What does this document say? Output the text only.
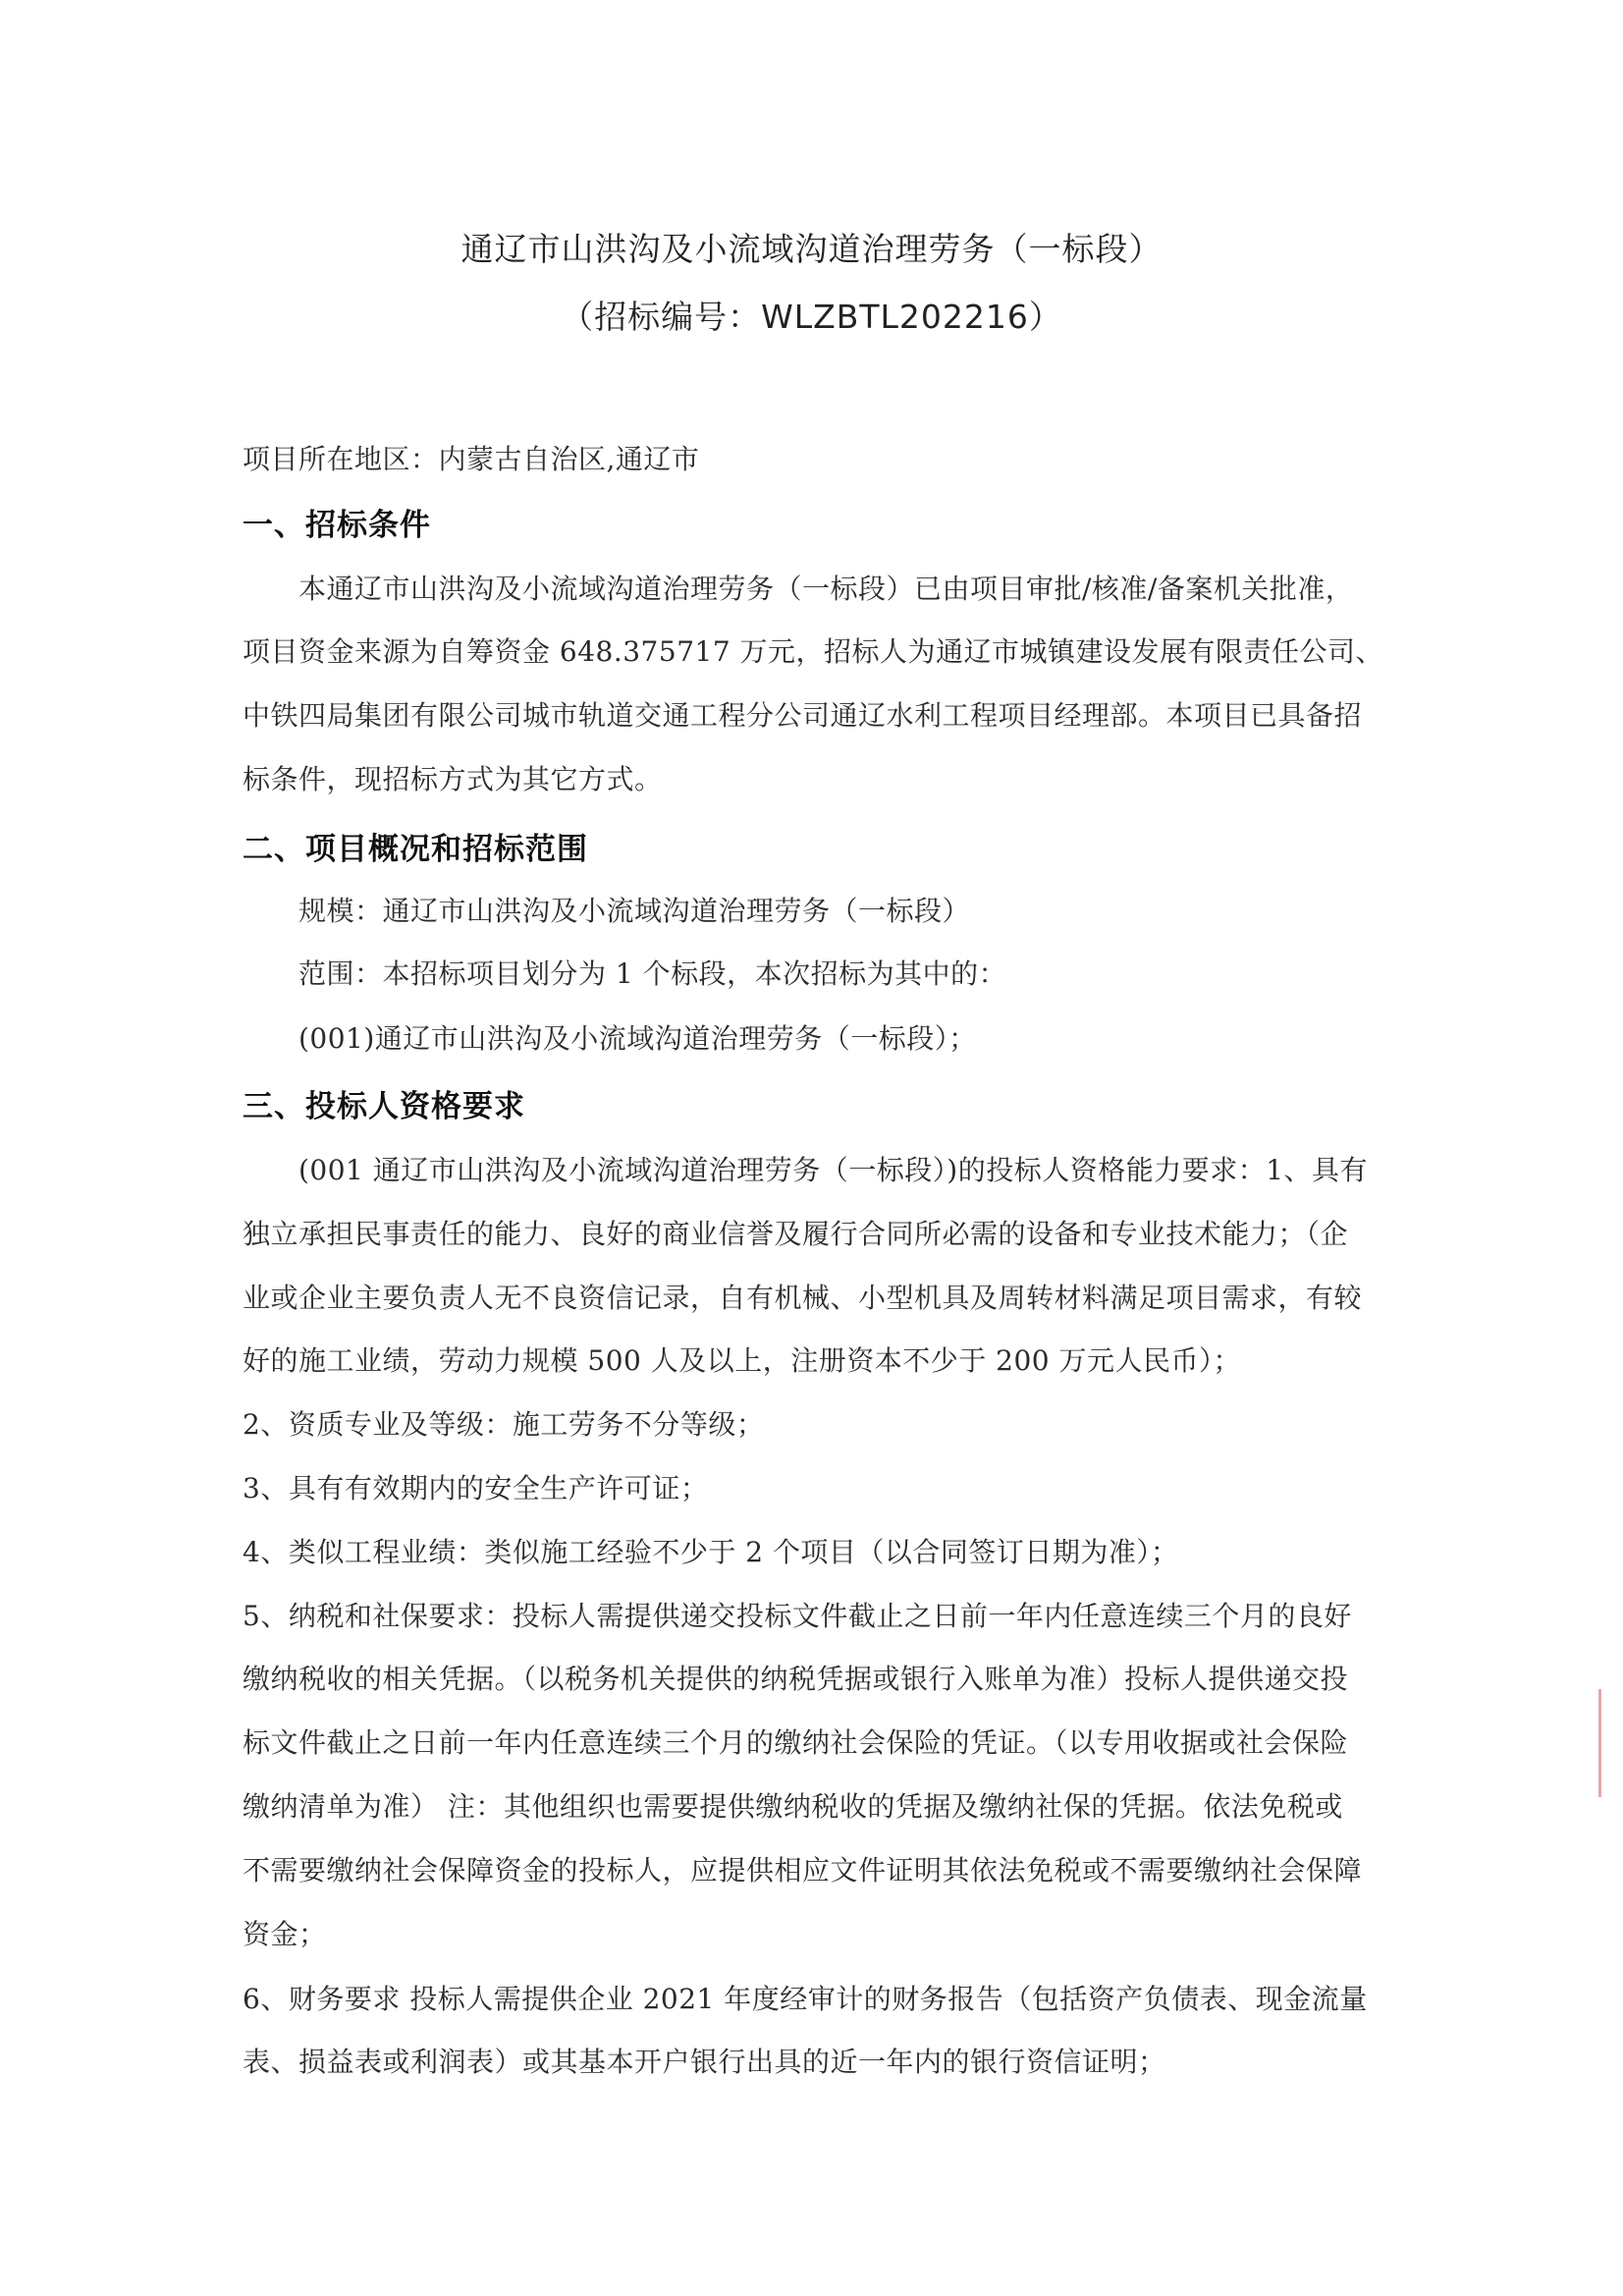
通辽市山洪沟及小流域沟道治理劳务（一标段）
（招标编号：WLZBTL202216）
项目所在地区：内蒙古自治区,通辽市
一、招标条件
本通辽市山洪沟及小流域沟道治理劳务（一标段）已由项目审批/核准/备案机关批准，
项目资金来源为自筹资金 648.375717 万元，招标人为通辽市城镇建设发展有限责任公司、
中铁四局集团有限公司城市轨道交通工程分公司通辽水利工程项目经理部。本项目已具备招
标条件，现招标方式为其它方式。
二、项目概况和招标范围
规模：通辽市山洪沟及小流域沟道治理劳务（一标段）
范围：本招标项目划分为 1 个标段，本次招标为其中的：
(001)通辽市山洪沟及小流域沟道治理劳务（一标段）；
三、投标人资格要求
(001 通辽市山洪沟及小流域沟道治理劳务（一标段）)的投标人资格能力要求：1、具有
独立承担民事责任的能力、良好的商业信誉及履行合同所必需的设备和专业技术能力；（企
业或企业主要负责人无不良资信记录，自有机械、小型机具及周转材料满足项目需求，有较
好的施工业绩，劳动力规模 500 人及以上，注册资本不少于 200 万元人民币）；
2、资质专业及等级：施工劳务不分等级；
3、具有有效期内的安全生产许可证；
4、类似工程业绩：类似施工经验不少于 2 个项目（以合同签订日期为准）；
5、纳税和社保要求：投标人需提供递交投标文件截止之日前一年内任意连续三个月的良好
缴纳税收的相关凭据。（以税务机关提供的纳税凭据或银行入账单为准）投标人提供递交投
标文件截止之日前一年内任意连续三个月的缴纳社会保险的凭证。（以专用收据或社会保险
缴纳清单为准） 注：其他组织也需要提供缴纳税收的凭据及缴纳社保的凭据。依法免税或
不需要缴纳社会保障资金的投标人，应提供相应文件证明其依法免税或不需要缴纳社会保障
资金；
6、财务要求 投标人需提供企业 2021 年度经审计的财务报告（包括资产负债表、现金流量
表、损益表或利润表）或其基本开户银行出具的近一年内的银行资信证明；
